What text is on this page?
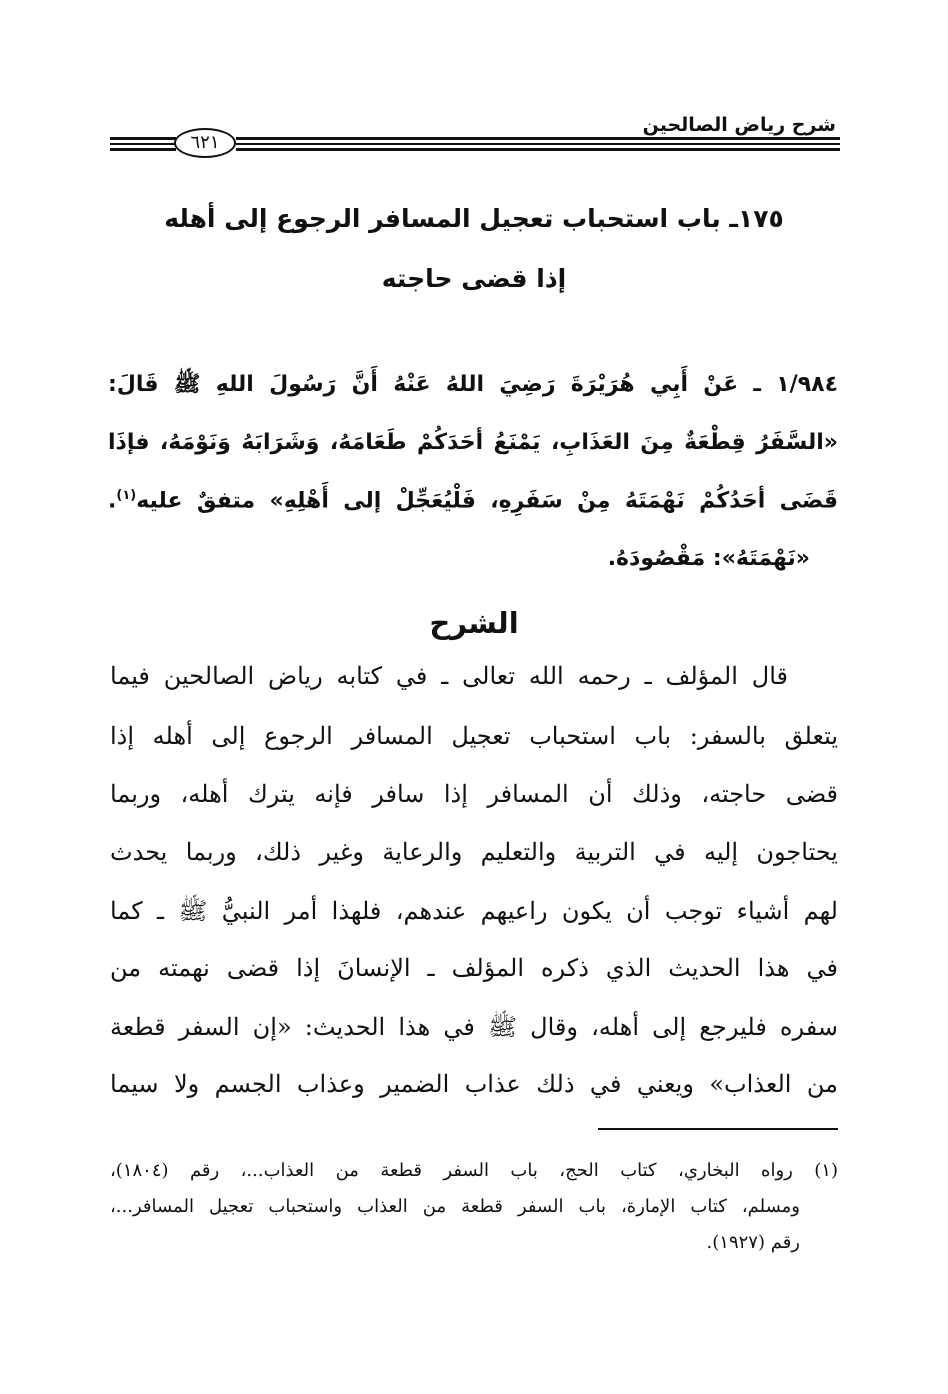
شرح رياض الصالحين
٦٢١
١٧٥ـ باب استحباب تعجيل المسافر الرجوع إلى أهله
إذا قضى حاجته
١/٩٨٤ ـ عَنْ أَبِي هُرَيْرَةَ رَضِيَ اللهُ عَنْهُ أَنَّ رَسُولَ اللهِ ﷺ قَالَ:
«السَّفَرُ قِطْعَةٌ مِنَ العَذَابِ، يَمْنَعُ أحَدَكُمْ طَعَامَهُ، وَشَرَابَهُ وَنَوْمَهُ، فإذَا
قَضَى أحَدُكُمْ نَهْمَتَهُ مِنْ سَفَرِهِ، فَلْيُعَجِّلْ إلى أَهْلِهِ» متفقٌ عليه$^{(١)}$.
«نَهْمَتَهُ»: مَقْصُودَهُ.
الشرح
قال المؤلف ـ رحمه الله تعالى ـ في كتابه رياض الصالحين فيما
يتعلق بالسفر: باب استحباب تعجيل المسافر الرجوع إلى أهله إذا
قضى حاجته، وذلك أن المسافر إذا سافر فإنه يترك أهله، وربما
يحتاجون إليه في التربية والتعليم والرعاية وغير ذلك، وربما يحدث
لهم أشياء توجب أن يكون راعيهم عندهم، فلهذا أمر النبيُّ ﷺ ـ كما
في هذا الحديث الذي ذكره المؤلف ـ الإنسانَ إذا قضى نهمته من
سفره فليرجع إلى أهله، وقال ﷺ في هذا الحديث: «إن السفر قطعة
من العذاب» ويعني في ذلك عذاب الضمير وعذاب الجسم ولا سيما
(١) رواه البخاري، كتاب الحج، باب السفر قطعة من العذاب...، رقم (١٨٠٤)،
ومسلم، كتاب الإمارة، باب السفر قطعة من العذاب واستحباب تعجيل المسافر...،
رقم (١٩٢٧).
